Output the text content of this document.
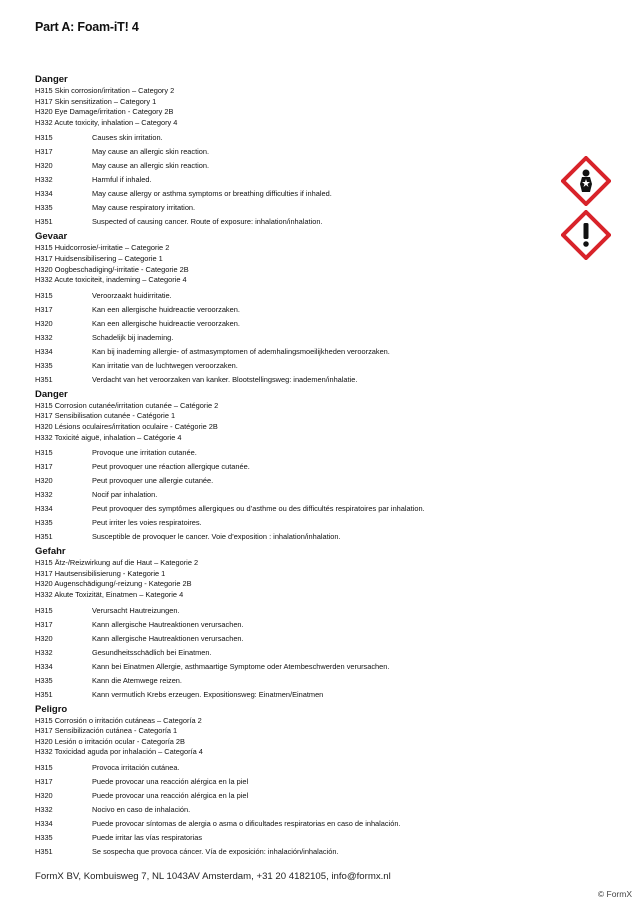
Part A: Foam-iT! 4
Danger
H315 Skin corrosion/irritation – Category 2
H317 Skin sensitization – Category 1
H320 Eye Damage/irritation - Category 2B
H332 Acute toxicity, inhalation – Category 4
H315	Causes skin irritation.
H317	May cause an allergic skin reaction.
H320	May cause an allergic skin reaction.
H332	Harmful if inhaled.
H334	May cause allergy or asthma symptoms or breathing difficulties if inhaled.
H335	May cause respiratory irritation.
H351	Suspected of causing cancer. Route of exposure: inhalation/inhalation.
Gevaar
H315 Huidcorrosie/-irritatie – Categorie 2
H317 Huidsensibilisering – Categorie 1
H320 Oogbeschadiging/-irritatie - Categorie 2B
H332 Acute toxiciteit, inademing – Categorie 4
H315	Veroorzaakt huidirritatie.
H317	Kan een allergische huidreactie veroorzaken.
H320	Kan een allergische huidreactie veroorzaken.
H332	Schadelijk bij inademing.
H334	Kan bij inademing allergie- of astmasymptomen of ademhalingsmoeilijkheden veroorzaken.
H335	Kan irritatie van de luchtwegen veroorzaken.
H351	Verdacht van het veroorzaken van kanker. Blootstellingsweg: inademen/inhalatie.
Danger
H315 Corrosion cutanée/irritation cutanée – Catégorie 2
H317 Sensibilisation cutanée - Catégorie 1
H320 Lésions oculaires/irritation oculaire - Catégorie 2B
H332 Toxicité aiguë, inhalation – Catégorie 4
H315	Provoque une irritation cutanée.
H317	Peut provoquer une réaction allergique cutanée.
H320	Peut provoquer une allergie cutanée.
H332	Nocif par inhalation.
H334	Peut provoquer des symptômes allergiques ou d’asthme ou des difficultés respiratoires par inhalation.
H335	Peut irriter les voies respiratoires.
H351	Susceptible de provoquer le cancer. Voie d’exposition : inhalation/inhalation.
Gefahr
H315 Ätz-/Reizwirkung auf die Haut – Kategorie 2
H317 Hautsensibilisierung - Kategorie 1
H320 Augenschädigung/-reizung - Kategorie 2B
H332 Akute Toxizität, Einatmen – Kategorie 4
H315	Verursacht Hautreizungen.
H317	Kann allergische Hautreaktionen verursachen.
H320	Kann allergische Hautreaktionen verursachen.
H332	Gesundheitsschädlich bei Einatmen.
H334	Kann bei Einatmen Allergie, asthmaartige Symptome oder Atembeschwerden verursachen.
H335	Kann die Atemwege reizen.
H351	Kann vermutlich Krebs erzeugen. Expositionsweg: Einatmen/Einatmen
Peligro
H315 Corrosión o irritación cutáneas – Categoría 2
H317 Sensibilización cutánea - Categoría 1
H320 Lesión o irritación ocular - Categoría 2B
H332 Toxicidad aguda por inhalación – Categoría 4
H315	Provoca irritación cutánea.
H317	Puede provocar una reacción alérgica en la piel
H320	Puede provocar una reacción alérgica en la piel
H332	Nocivo en caso de inhalación.
H334	Puede provocar síntomas de alergia o asma o dificultades respiratorias en caso de inhalación.
H335	Puede irritar las vías respiratorias
H351	Se sospecha que provoca cáncer. Vía de exposición: inhalación/inhalación.
FormX BV, Kombuisweg 7, NL 1043AV Amsterdam, +31 20 4182105, info@formx.nl
© FormX
